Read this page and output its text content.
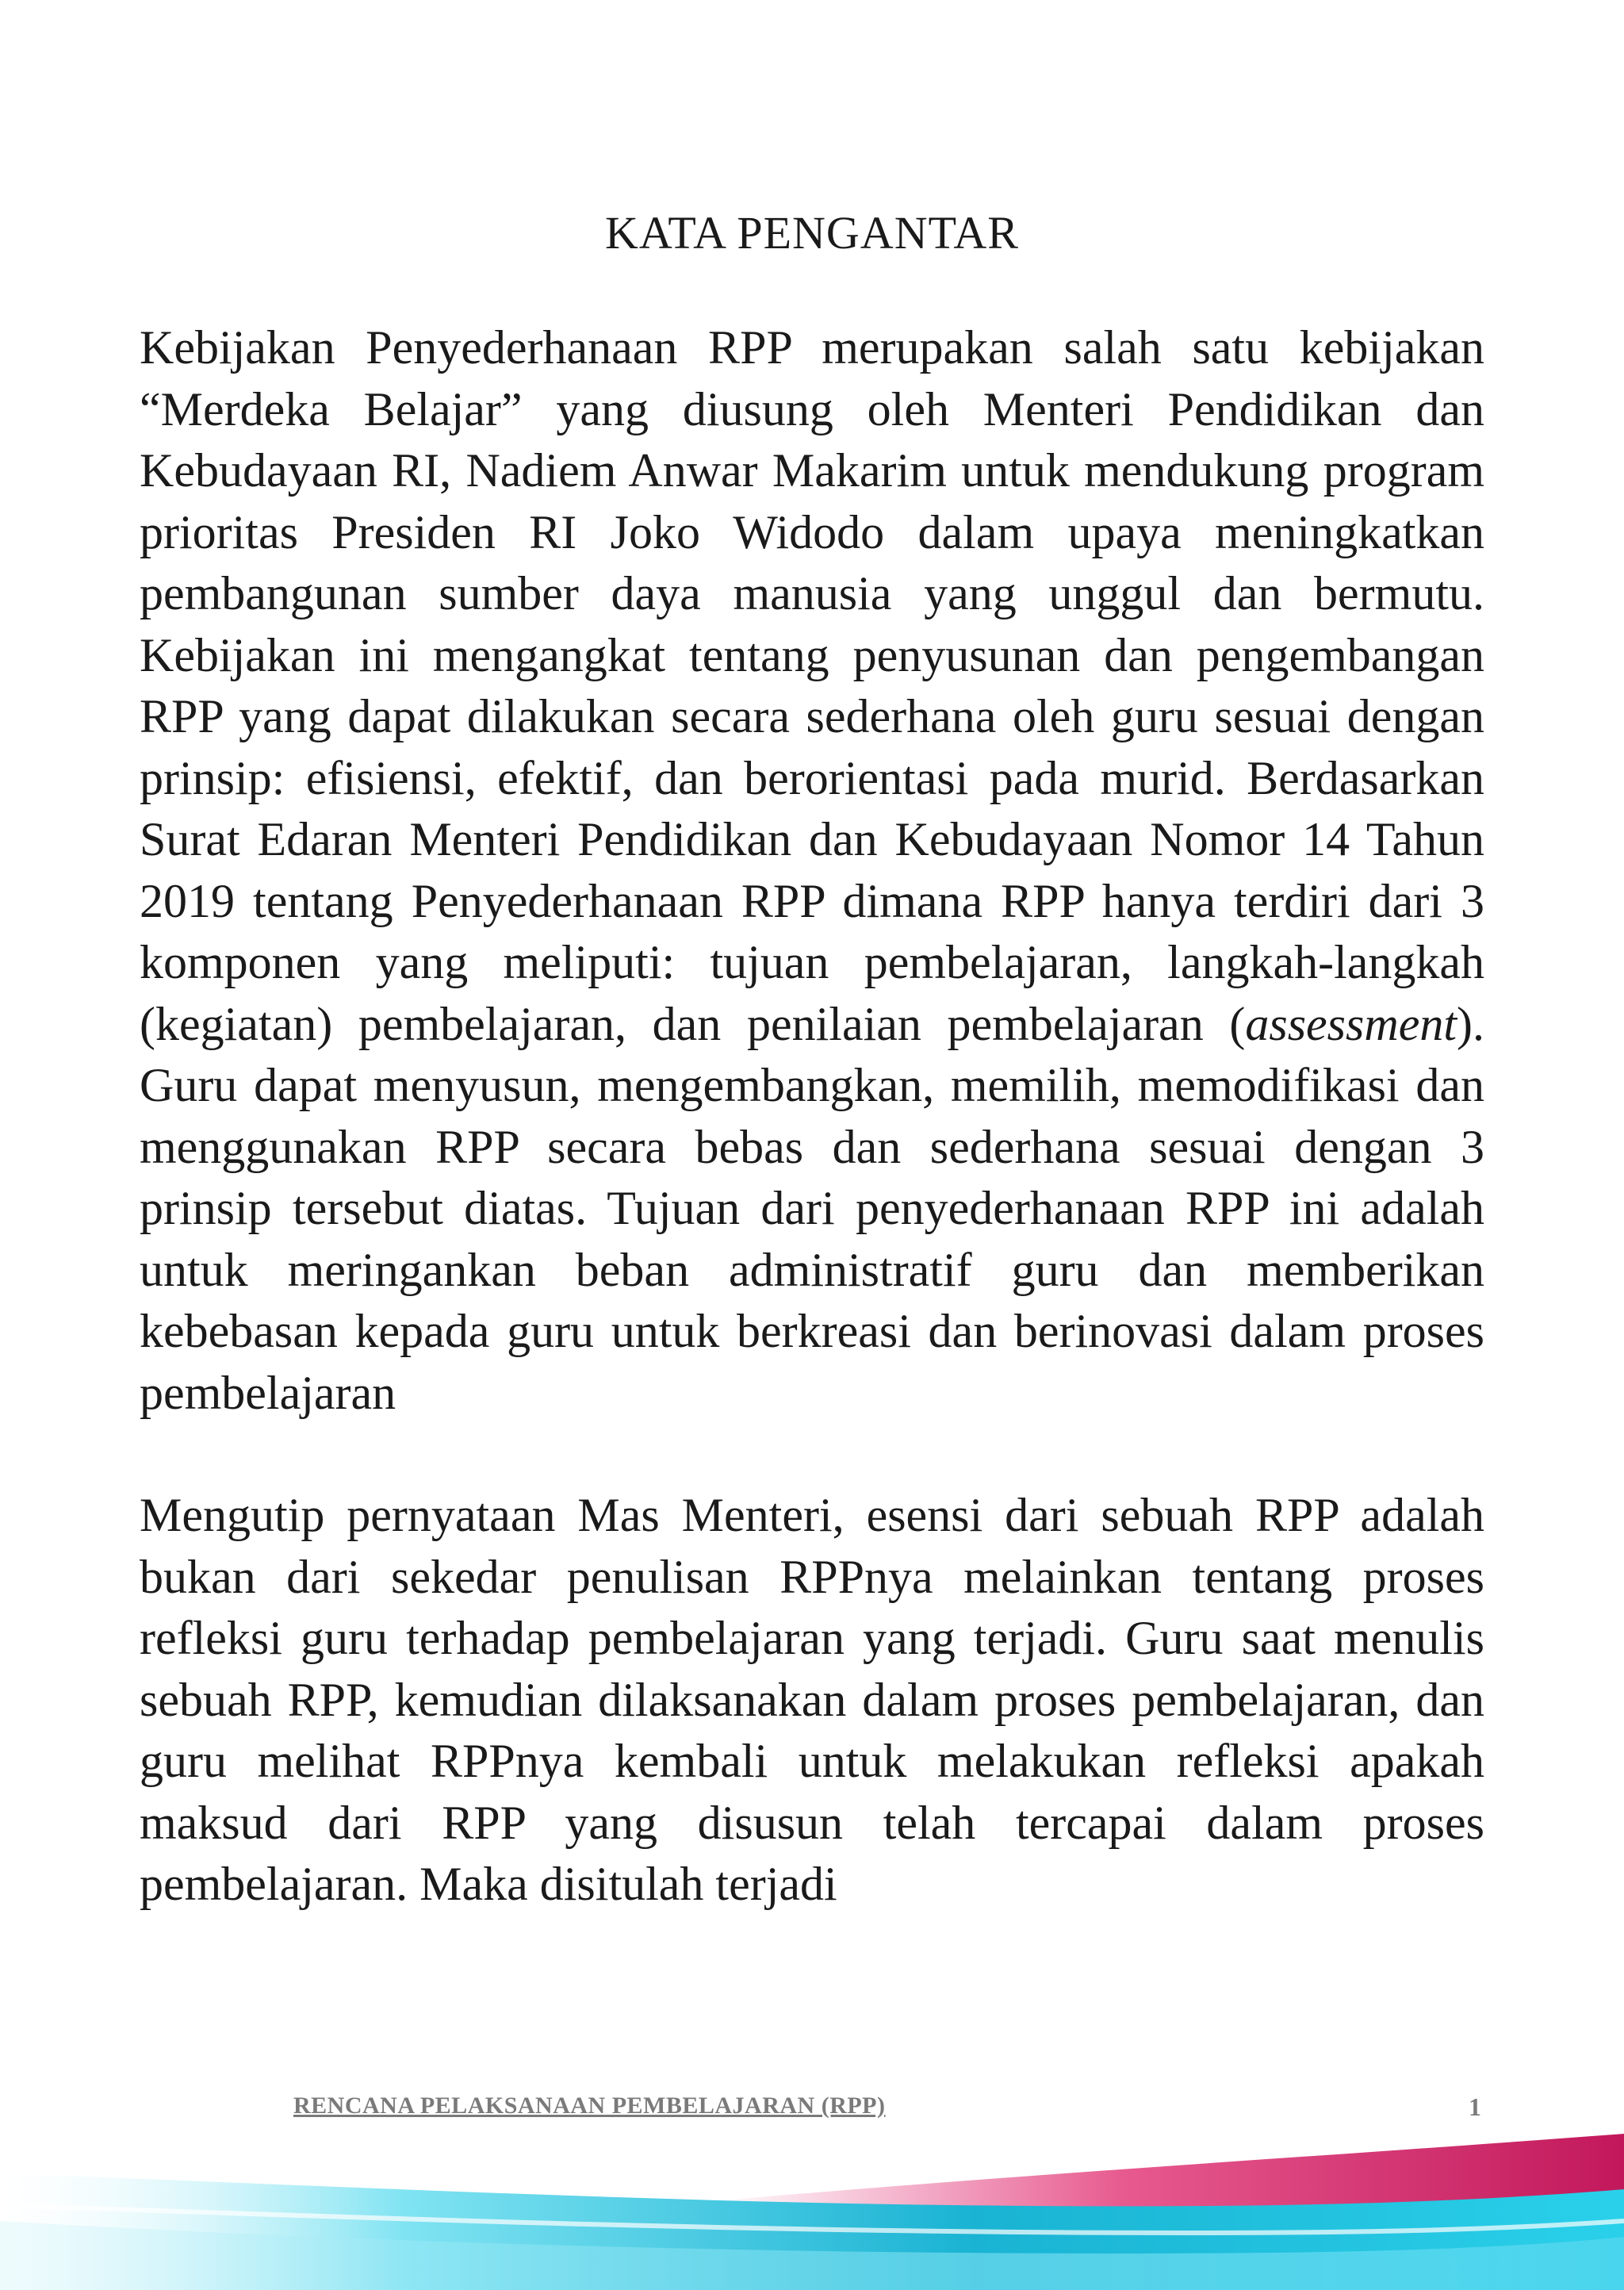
KATA PENGANTAR

Kebijakan Penyederhanaan RPP merupakan salah satu kebijakan “Merdeka Belajar” yang diusung oleh Menteri Pendidikan dan Kebudayaan RI, Nadiem Anwar Makarim untuk mendukung program prioritas Presiden RI Joko Widodo dalam upaya meningkatkan pembangunan sumber daya manusia yang unggul dan bermutu. Kebijakan ini mengangkat tentang penyusunan dan pengembangan RPP yang dapat dilakukan secara sederhana oleh guru sesuai dengan prinsip: efisiensi, efektif, dan berorientasi pada murid. Berdasarkan Surat Edaran Menteri Pendidikan dan Kebudayaan Nomor 14 Tahun 2019 tentang Penyederhanaan RPP dimana RPP hanya terdiri dari 3 komponen yang meliputi: tujuan pembelajaran, langkah-langkah (kegiatan) pembelajaran, dan penilaian pembelajaran (assessment). Guru dapat menyusun, mengembangkan, memilih, memodifikasi dan menggunakan RPP secara bebas dan sederhana sesuai dengan 3 prinsip tersebut diatas. Tujuan dari penyederhanaan RPP ini adalah untuk meringankan beban administratif guru dan memberikan kebebasan kepada guru untuk berkreasi dan berinovasi dalam proses pembelajaran

Mengutip pernyataan Mas Menteri, esensi dari sebuah RPP adalah bukan dari sekedar penulisan RPPnya melainkan tentang proses refleksi guru terhadap pembelajaran yang terjadi. Guru saat menulis sebuah RPP, kemudian dilaksanakan dalam proses pembelajaran, dan guru melihat RPPnya kembali untuk melakukan refleksi apakah maksud dari RPP yang disusun telah tercapai dalam proses pembelajaran. Maka disitulah terjadi

RENCANA PELAKSANAAN PEMBELAJARAN (RPP)	1
